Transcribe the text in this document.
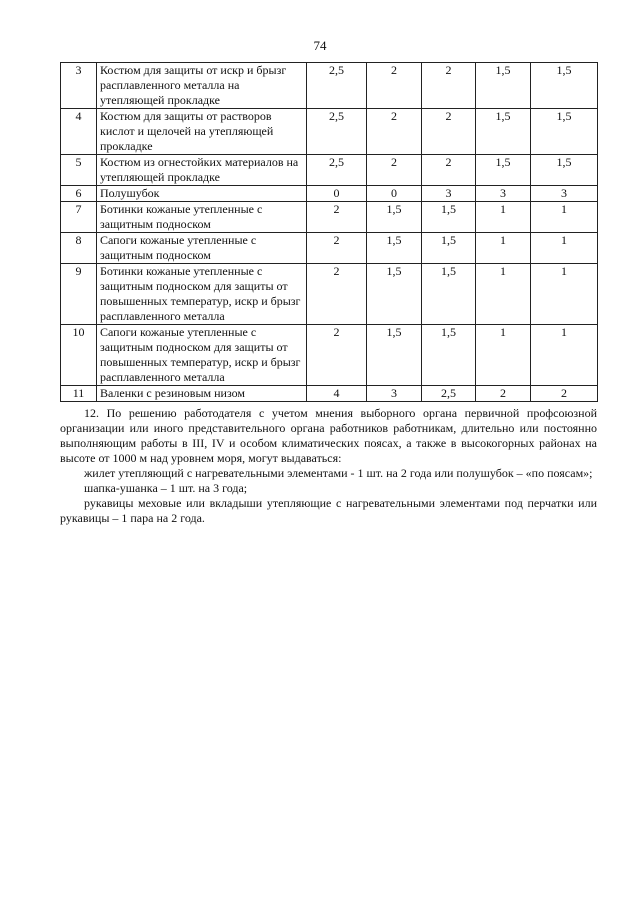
74
3	Костюм для защиты от искр и брызг расплавленного металла на утепляющей прокладке	2,5	2	2	1,5	1,5
4	Костюм для защиты от растворов кислот и щелочей на утепляющей прокладке	2,5	2	2	1,5	1,5
5	Костюм из огнестойких материалов на утепляющей прокладке	2,5	2	2	1,5	1,5
6	Полушубок	0	0	3	3	3
7	Ботинки кожаные утепленные с защитным подноском	2	1,5	1,5	1	1
8	Сапоги кожаные утепленные с защитным подноском	2	1,5	1,5	1	1
9	Ботинки кожаные утепленные с защитным подноском для защиты от повышенных температур, искр и брызг расплавленного металла	2	1,5	1,5	1	1
10	Сапоги кожаные утепленные с защитным подноском для защиты от повышенных температур, искр и брызг расплавленного металла	2	1,5	1,5	1	1
11	Валенки с резиновым низом	4	3	2,5	2	2

12. По решению работодателя с учетом мнения выборного органа первичной профсоюзной организации или иного представительного органа работников работникам, длительно или постоянно выполняющим работы в III, IV и особом климатических поясах, а также в высокогорных районах на высоте от 1000 м над уровнем моря, могут выдаваться:

жилет утепляющий с нагревательными элементами - 1 шт. на 2 года или полушубок – «по поясам»;

шапка-ушанка – 1 шт. на 3 года;

рукавицы меховые или вкладыши утепляющие с нагревательными элементами под перчатки или рукавицы – 1 пара на 2 года.
